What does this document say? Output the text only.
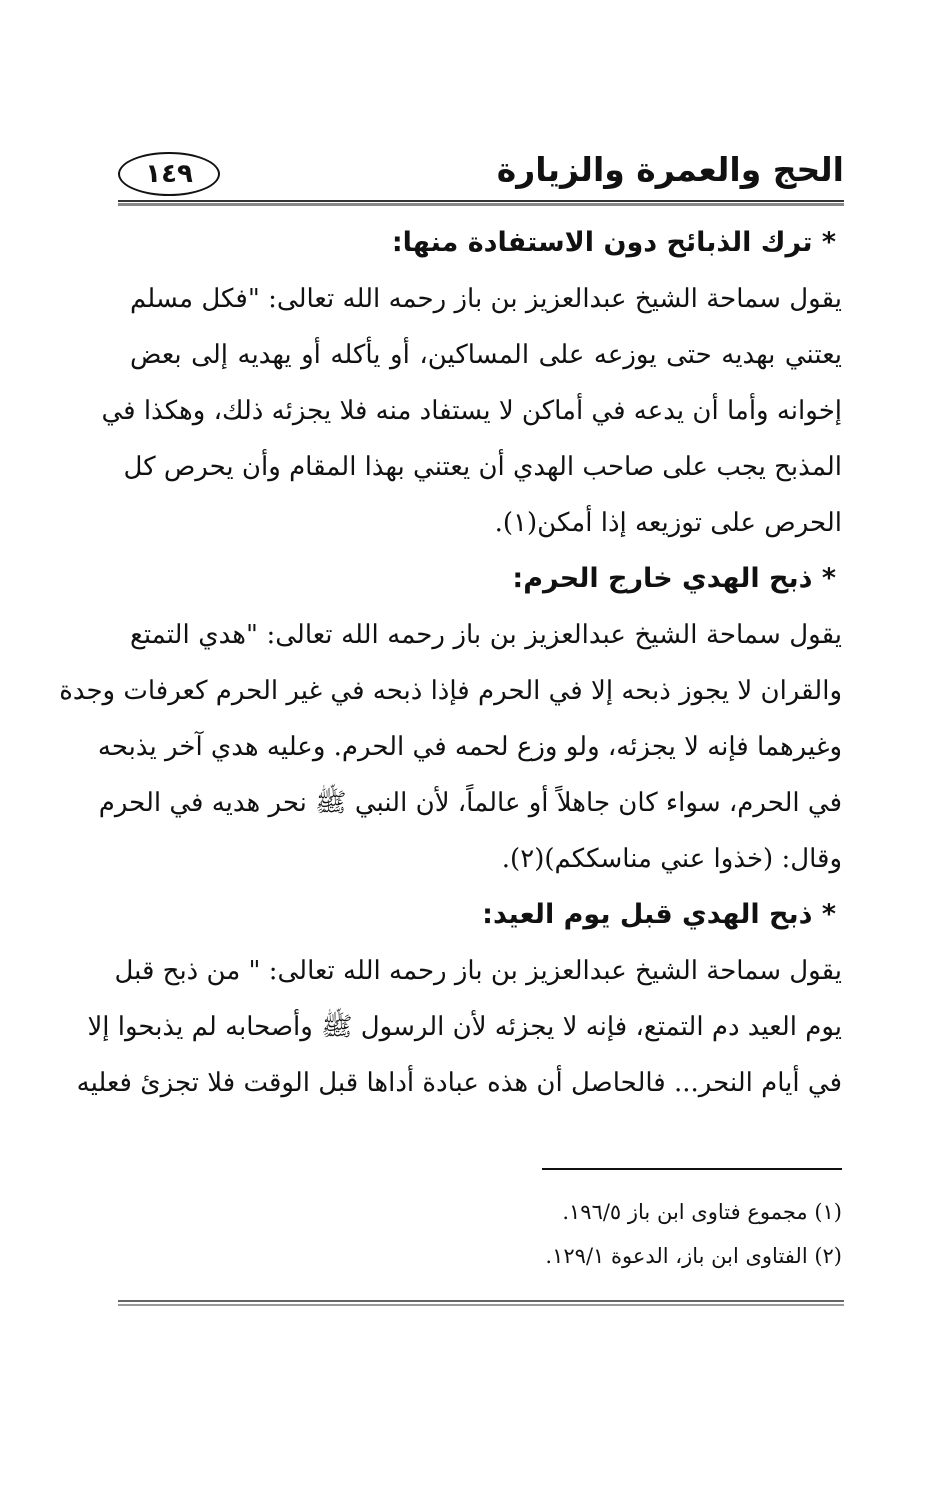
الحج والعمرة والزيارة
١٤٩
* ترك الذبائح دون الاستفادة منها:
يقول سماحة الشيخ عبدالعزيز بن باز رحمه الله تعالى: "فكل مسلم
يعتني بهديه حتى يوزعه على المساكين، أو يأكله أو يهديه إلى بعض
إخوانه وأما أن يدعه في أماكن لا يستفاد منه فلا يجزئه ذلك، وهكذا في
المذبح يجب على صاحب الهدي أن يعتني بهذا المقام وأن يحرص كل
الحرص على توزيعه إذا أمكن(١).
* ذبح الهدي خارج الحرم:
يقول سماحة الشيخ عبدالعزيز بن باز رحمه الله تعالى: "هدي التمتع
والقران لا يجوز ذبحه إلا في الحرم فإذا ذبحه في غير الحرم كعرفات وجدة
وغيرهما فإنه لا يجزئه، ولو وزع لحمه في الحرم. وعليه هدي آخر يذبحه
في الحرم، سواء كان جاهلاً أو عالماً، لأن النبي ﷺ نحر هديه في الحرم
وقال: (خذوا عني مناسككم)(٢).
* ذبح الهدي قبل يوم العيد:
يقول سماحة الشيخ عبدالعزيز بن باز رحمه الله تعالى: " من ذبح قبل
يوم العيد دم التمتع، فإنه لا يجزئه لأن الرسول ﷺ وأصحابه لم يذبحوا إلا
في أيام النحر... فالحاصل أن هذه عبادة أداها قبل الوقت فلا تجزئ فعليه
(١) مجموع فتاوى ابن باز ١٩٦/٥.
(٢) الفتاوى ابن باز، الدعوة ١٢٩/١.
